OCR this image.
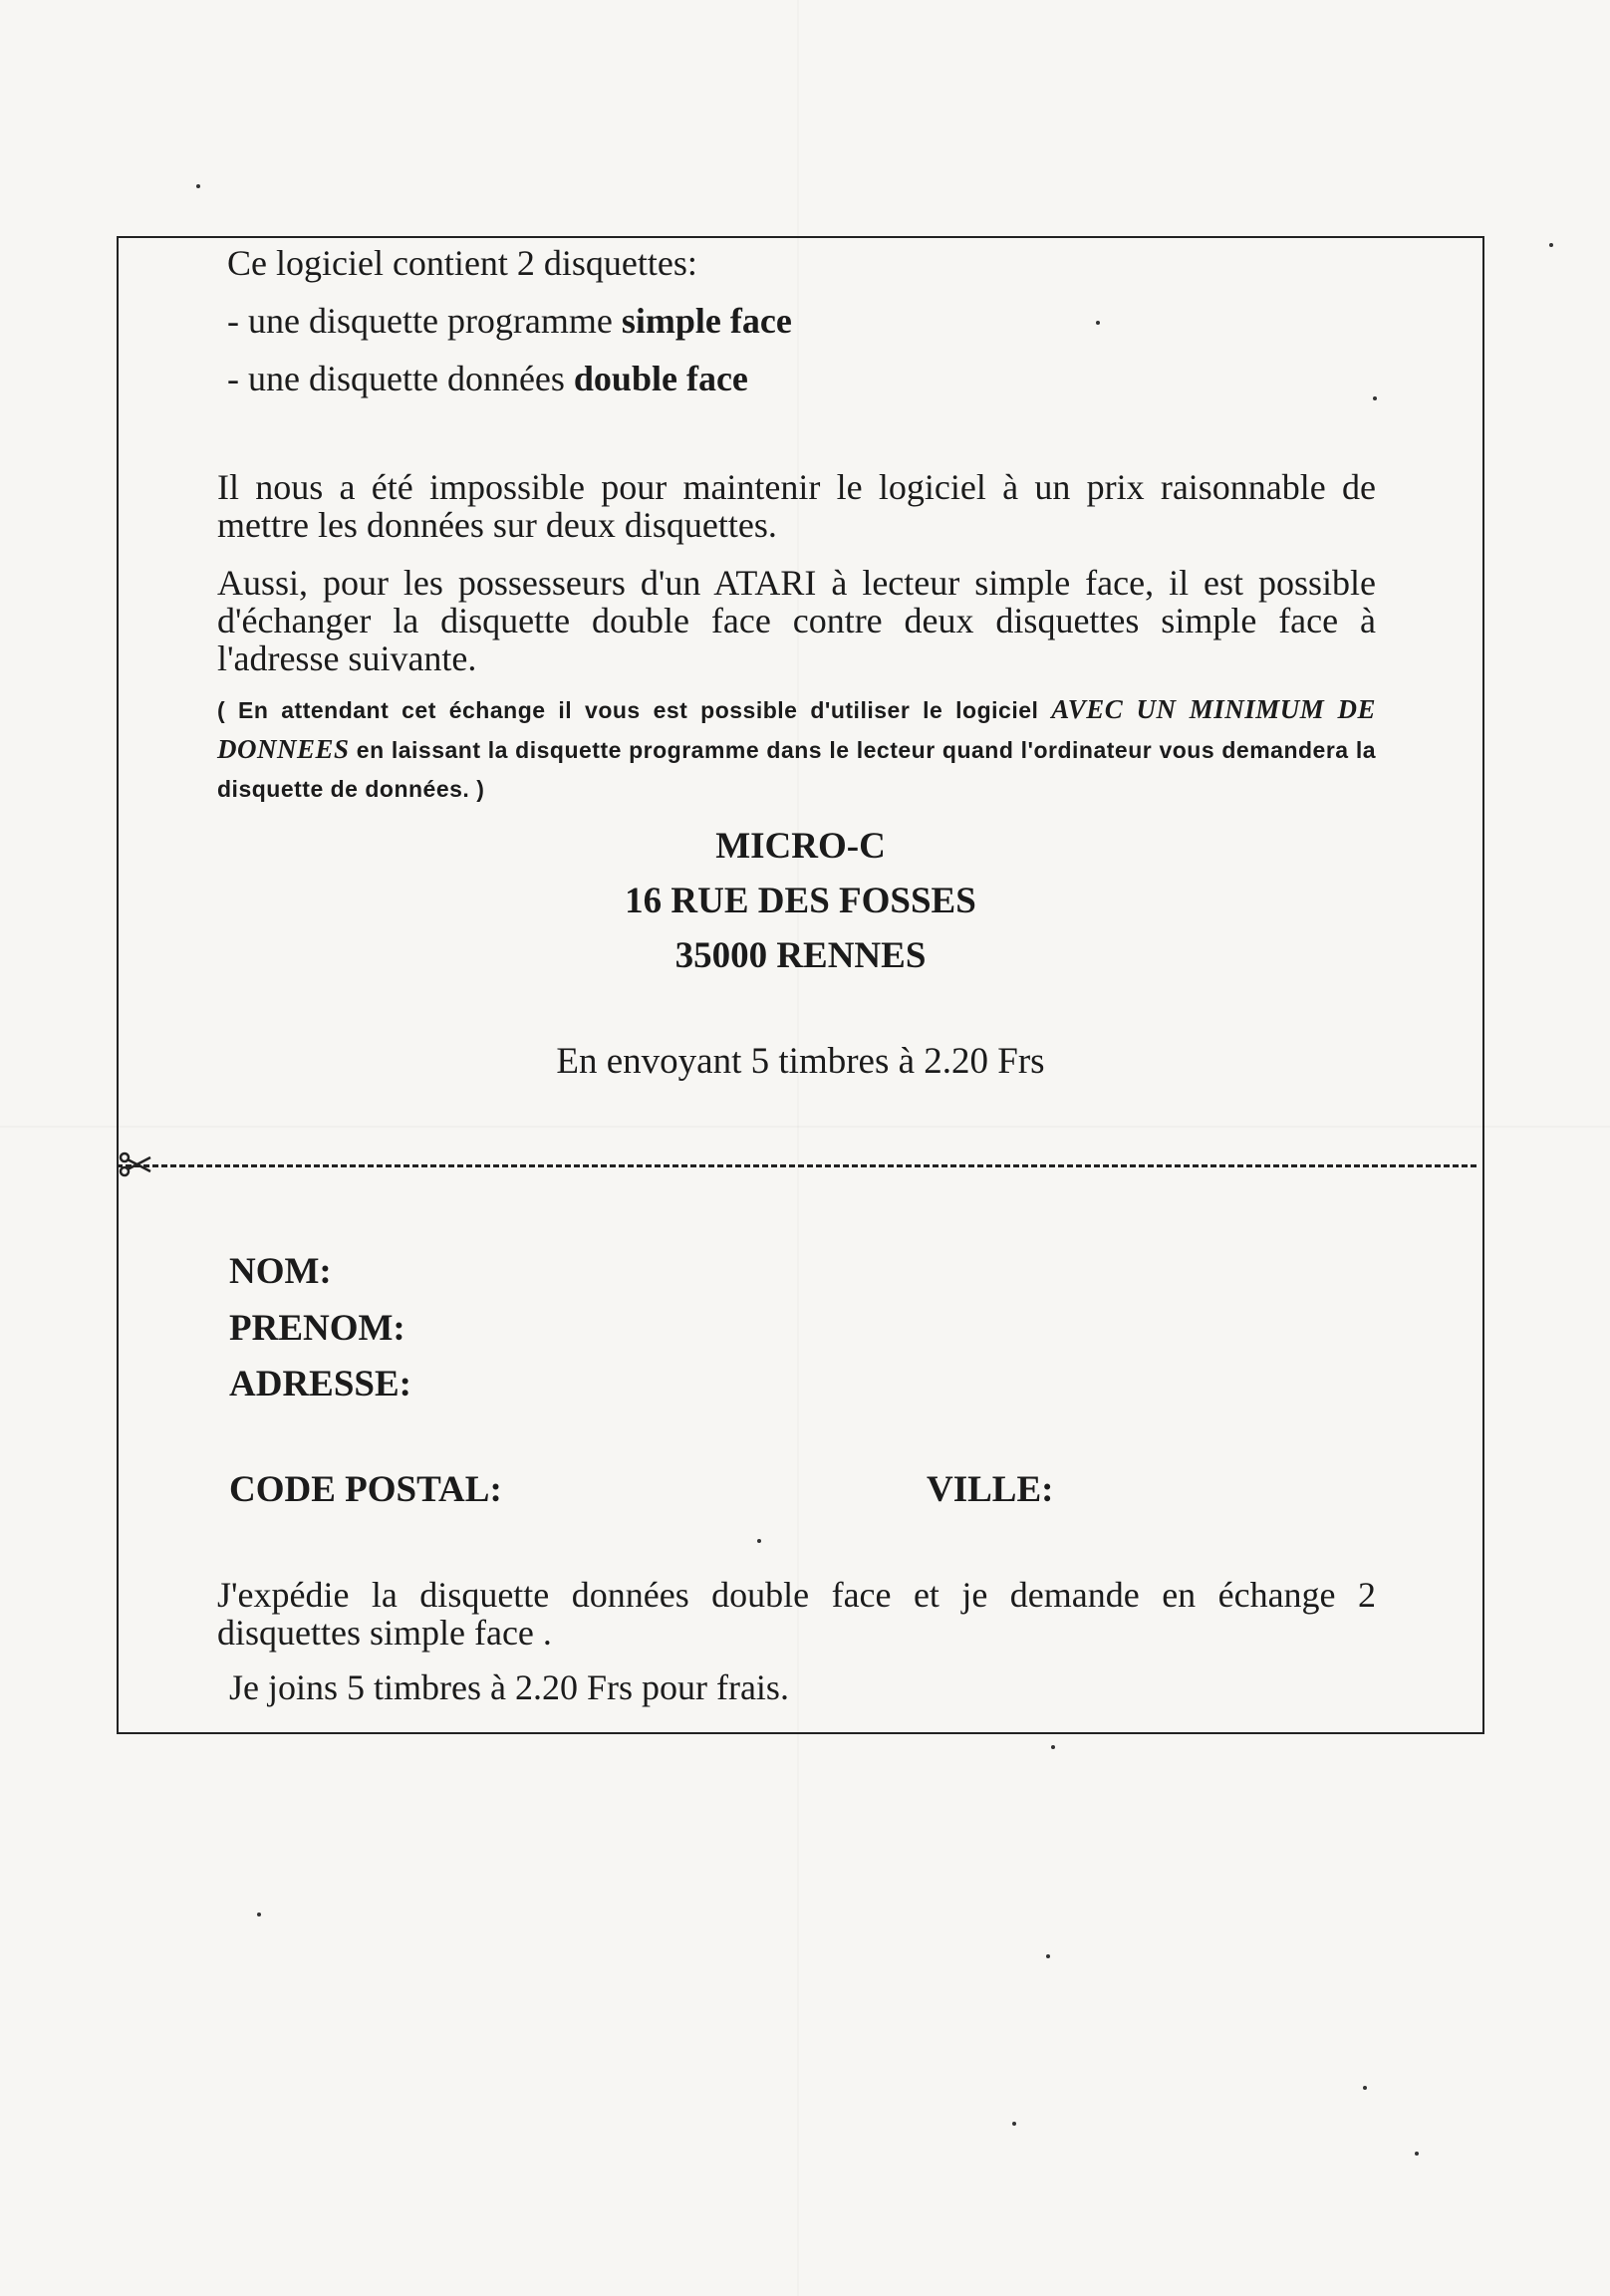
Ce logiciel contient 2 disquettes:
- une disquette programme simple face
- une disquette données double face
Il nous a été impossible pour maintenir le logiciel à un prix raisonnable de mettre les données sur deux disquettes.
Aussi, pour les possesseurs d'un ATARI à lecteur simple face, il est possible d'échanger la disquette double face contre deux disquettes simple face à l'adresse suivante.
( En attendant cet échange il vous est possible d'utiliser le logiciel AVEC UN MINIMUM DE DONNEES en laissant la disquette programme dans le lecteur quand l'ordinateur vous demandera la disquette de données. )
MICRO-C
16 RUE DES FOSSES
35000 RENNES
En envoyant 5 timbres à 2.20 Frs
NOM:
PRENOM:
ADRESSE:
CODE POSTAL:	VILLE:
J'expédie la disquette données double face et je demande en échange 2 disquettes simple face .
Je joins 5 timbres à 2.20 Frs pour frais.
